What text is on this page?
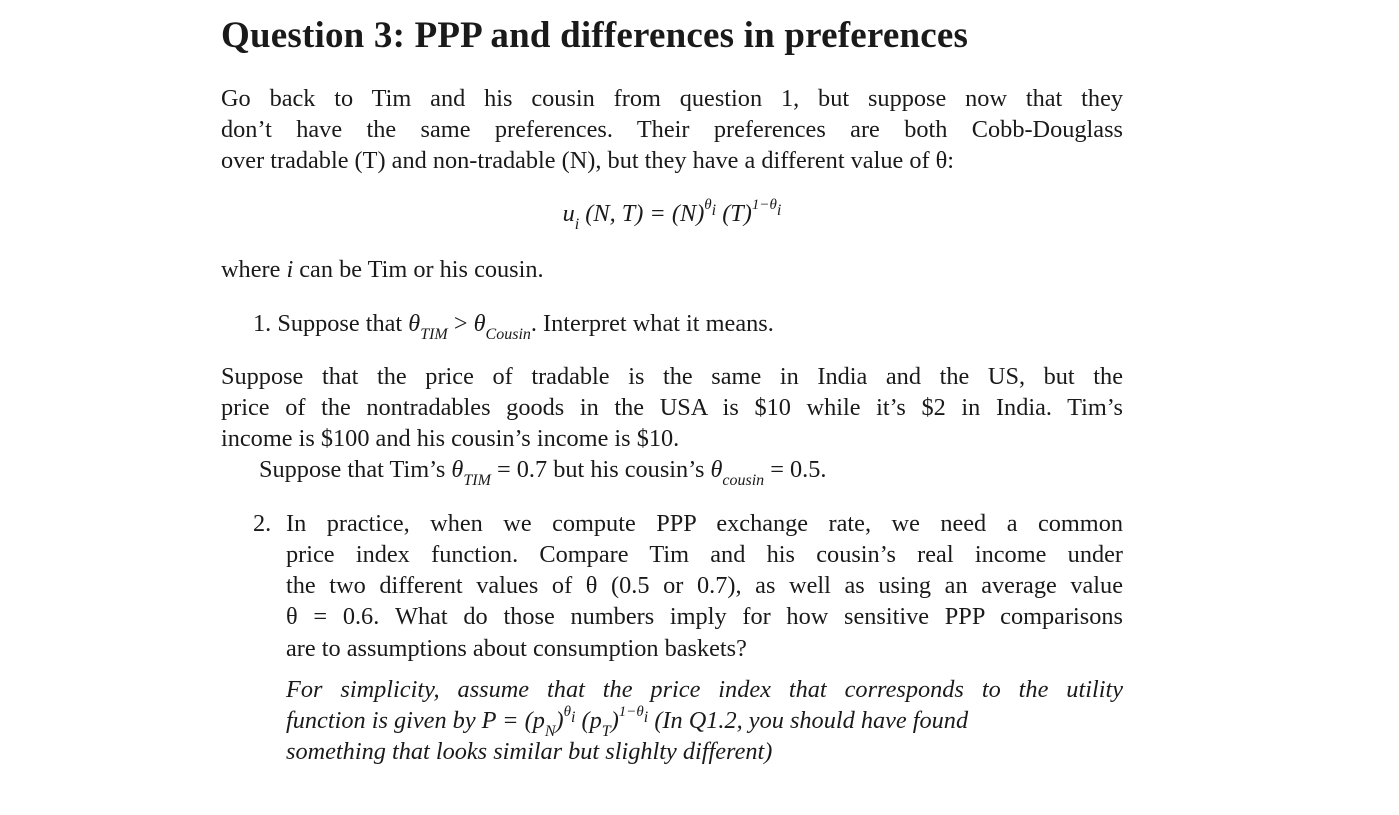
Question 3: PPP and differences in preferences
Go back to Tim and his cousin from question 1, but suppose now that they
don’t have the same preferences. Their preferences are both Cobb-Douglass
over tradable (T) and non-tradable (N), but they have a different value of θ:
$u_i$ (N, $T) = (N)^{\theta_i}$ $(T)^{1-\theta_i}$
where i can be Tim or his cousin.
1. Suppose that $\theta_{TIM} > \theta_{Cousin}$. Interpret what it means.
Suppose that the price of tradable is the same in India and the US, but the
price of the nontradables goods in the USA is $10 while it’s $2 in India. Tim’s
income is $100 and his cousin’s income is $10.
Suppose that Tim’s $\theta_{TIM} = 0.7$ but his cousin’s $\theta_{cousin} = 0.5$.
2. In practice, when we compute PPP exchange rate, we need a common
price index function. Compare Tim and his cousin’s real income under
the two different values of θ (0.5 or 0.7), as well as using an average value
θ = 0.6. What do those numbers imply for how sensitive PPP comparisons
are to assumptions about consumption baskets?
For simplicity, assume that the price index that corresponds to the utility
function is given by $P = (p_N)^{\theta_i}$ $(p_T)^{1-\theta_i}$ (In Q1.2, you should have found
something that looks similar but slighlty different)
